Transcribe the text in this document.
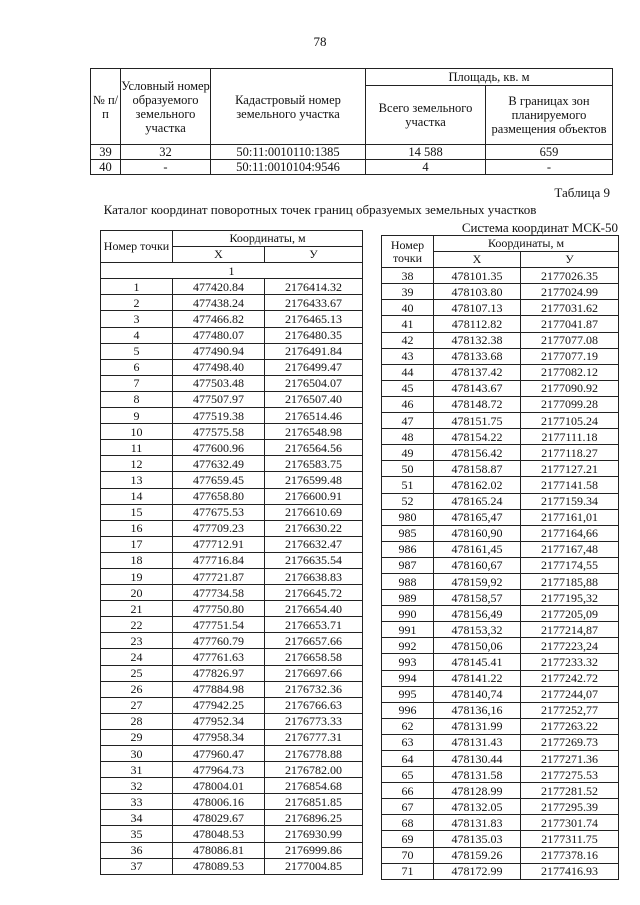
78
№ п/п	Условный номер образуемого земельного участка	Кадастровый номер земельного участка	Площадь, кв. м	
			Всего земельного участка	В границах зон планируемого размещения объектов
39	32	50:11:0010110:1385	14 588	659
40	-	50:11:0010104:9546	4	-
Таблица 9
Каталог координат поворотных точек границ образуемых земельных участков
Система координат МСК-50
Номер точки	Координаты, м	
	X	У
1		
1	477420.84	2176414.32
2	477438.24	2176433.67
3	477466.82	2176465.13
4	477480.07	2176480.35
5	477490.94	2176491.84
6	477498.40	2176499.47
7	477503.48	2176504.07
8	477507.97	2176507.40
9	477519.38	2176514.46
10	477575.58	2176548.98
11	477600.96	2176564.56
12	477632.49	2176583.75
13	477659.45	2176599.48
14	477658.80	2176600.91
15	477675.53	2176610.69
16	477709.23	2176630.22
17	477712.91	2176632.47
18	477716.84	2176635.54
19	477721.87	2176638.83
20	477734.58	2176645.72
21	477750.80	2176654.40
22	477751.54	2176653.71
23	477760.79	2176657.66
24	477761.63	2176658.58
25	477826.97	2176697.66
26	477884.98	2176732.36
27	477942.25	2176766.63
28	477952.34	2176773.33
29	477958.34	2176777.31
30	477960.47	2176778.88
31	477964.73	2176782.00
32	478004.01	2176854.68
33	478006.16	2176851.85
34	478029.67	2176896.25
35	478048.53	2176930.99
36	478086.81	2176999.86
37	478089.53	2177004.85
Номер точки	Координаты, м	
	X	У
38	478101.35	2177026.35
39	478103.80	2177024.99
40	478107.13	2177031.62
41	478112.82	2177041.87
42	478132.38	2177077.08
43	478133.68	2177077.19
44	478137.42	2177082.12
45	478143.67	2177090.92
46	478148.72	2177099.28
47	478151.75	2177105.24
48	478154.22	2177111.18
49	478156.42	2177118.27
50	478158.87	2177127.21
51	478162.02	2177141.58
52	478165.24	2177159.34
980	478165,47	2177161,01
985	478160,90	2177164,66
986	478161,45	2177167,48
987	478160,67	2177174,55
988	478159,92	2177185,88
989	478158,57	2177195,32
990	478156,49	2177205,09
991	478153,32	2177214,87
992	478150,06	2177223,24
993	478145.41	2177233.32
994	478141.22	2177242.72
995	478140,74	2177244,07
996	478136,16	2177252,77
62	478131.99	2177263.22
63	478131.43	2177269.73
64	478130.44	2177271.36
65	478131.58	2177275.53
66	478128.99	2177281.52
67	478132.05	2177295.39
68	478131.83	2177301.74
69	478135.03	2177311.75
70	478159.26	2177378.16
71	478172.99	2177416.93
